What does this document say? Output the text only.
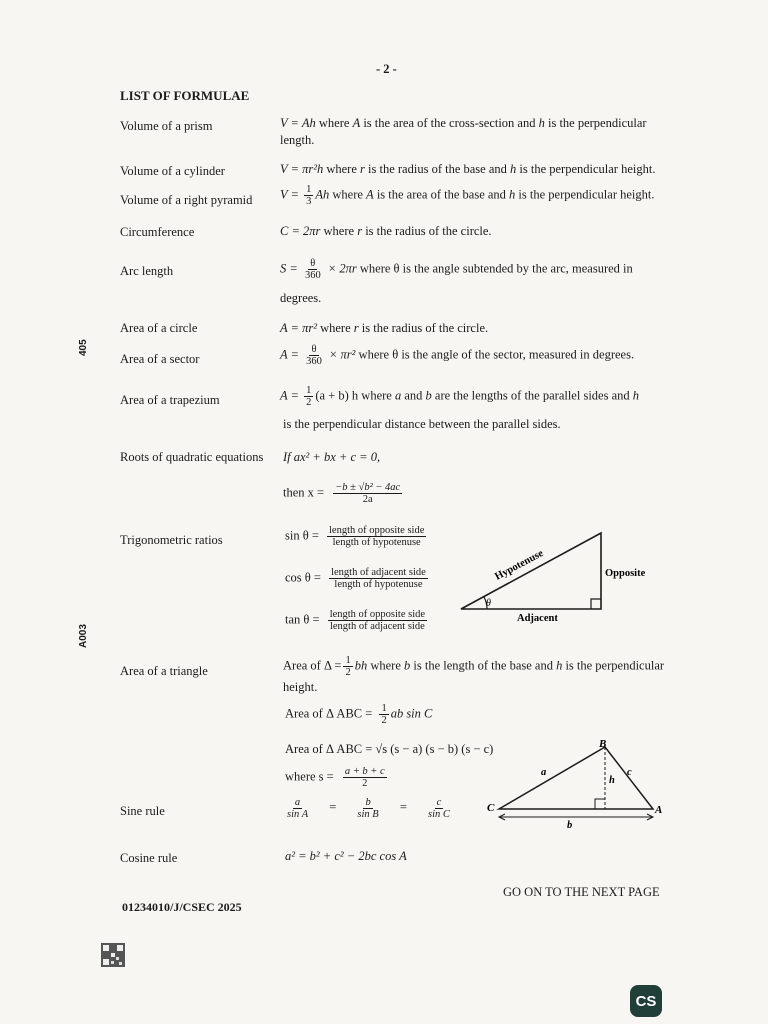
- 2 -
LIST OF FORMULAE
405
A003
Volume of a prism	V = Ah where A is the area of the cross-section and h is the perpendicular
length.
Volume of a cylinder	V = πr²h where r is the radius of the base and h is the perpendicular height.
Volume of a right pyramid $V = \frac{1}{3}$ Ah where A is the area of the base and h is the perpendicular height.
Circumference	C = 2πr where r is the radius of the circle.
Arc length	$S = \frac{\theta}{360} \times 2\pi r$ where θ is the angle subtended by the arc, measured in
degrees.
Area of a circle	A = πr² where r is the radius of the circle.
Area of a sector	$A = \frac{\theta}{360} \times \pi r^2$ where θ is the angle of the sector, measured in degrees.
Area of a trapezium	$A = \frac{1}{2} (a + b)$ h where a and b are the lengths of the parallel sides and h
is the perpendicular distance between the parallel sides.
Roots of quadratic equations If ax² + bx + c = 0,
then $x = \frac{\text{−b ± √b² − 4ac}}{2a}$
Trigonometric ratios	$\sin \theta = \frac{\text{length of opposite side}}{\text{length of hypotenuse}}$
$\cos \theta = \frac{\text{length of adjacent side}}{\text{length of hypotenuse}}$
$\tan \theta = \frac{\text{length of opposite side}}{\text{length of adjacent side}}$
θ
Hypotenuse	Opposite
Adjacent
Area of a triangle	Area of $\Delta = \frac{1}{2}$ bh where b is the length of the base and h is the perpendicular
height.
Area of Δ ABC = $\frac{1}{2}$ ab sin C
Area of Δ ABC = √s (s − a) (s − b) (s − c)
where $s = \frac{a + b + c}{2}$
B
C	A
a	c
h
b
Sine rule	$\frac{a}{\text{sin A}} = \frac{b}{\text{sin B}} = \frac{c}{\text{sin C}}$
Cosine rule	a² = b² + c² − 2bc cos A
GO ON TO THE NEXT PAGE
01234010/J/CSEC 2025
CS
